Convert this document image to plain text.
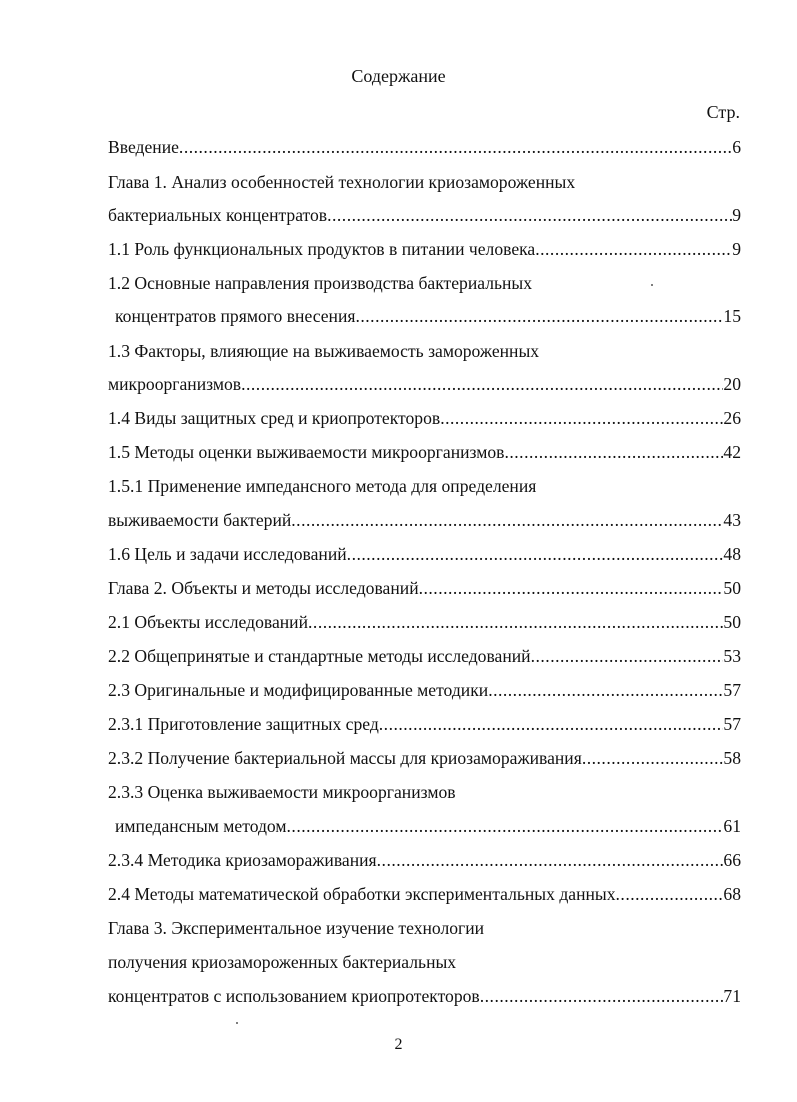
Содержание
Стр.
Введение .....	6
Глава 1. Анализ особенностей технологии криозамороженных
бактериальных концентратов .....	9
1.1 Роль функциональных продуктов в питании человека .....	9
1.2 Основные направления производства бактериальных
концентратов прямого внесения .....	15
1.3 Факторы, влияющие на выживаемость замороженных
микроорганизмов .....	20
1.4 Виды защитных сред и криопротекторов .....	26
1.5 Методы оценки выживаемости микроорганизмов .....	42
1.5.1 Применение импедансного метода для определения
выживаемости бактерий .....	43
1.6 Цель и задачи исследований .....	48
Глава 2. Объекты и методы исследований .....	50
2.1 Объекты исследований .....	50
2.2 Общепринятые и стандартные методы исследований .....	53
2.3 Оригинальные и модифицированные методики .....	57
2.3.1 Приготовление защитных сред .....	57
2.3.2 Получение бактериальной массы для криозамораживания .....	58
2.3.3 Оценка выживаемости микроорганизмов
импедансным методом .....	61
2.3.4 Методика криозамораживания .....	66
2.4 Методы математической обработки экспериментальных данных .....	68
Глава 3. Экспериментальное изучение технологии
получения криозамороженных бактериальных
концентратов с использованием криопротекторов .....	71
2
